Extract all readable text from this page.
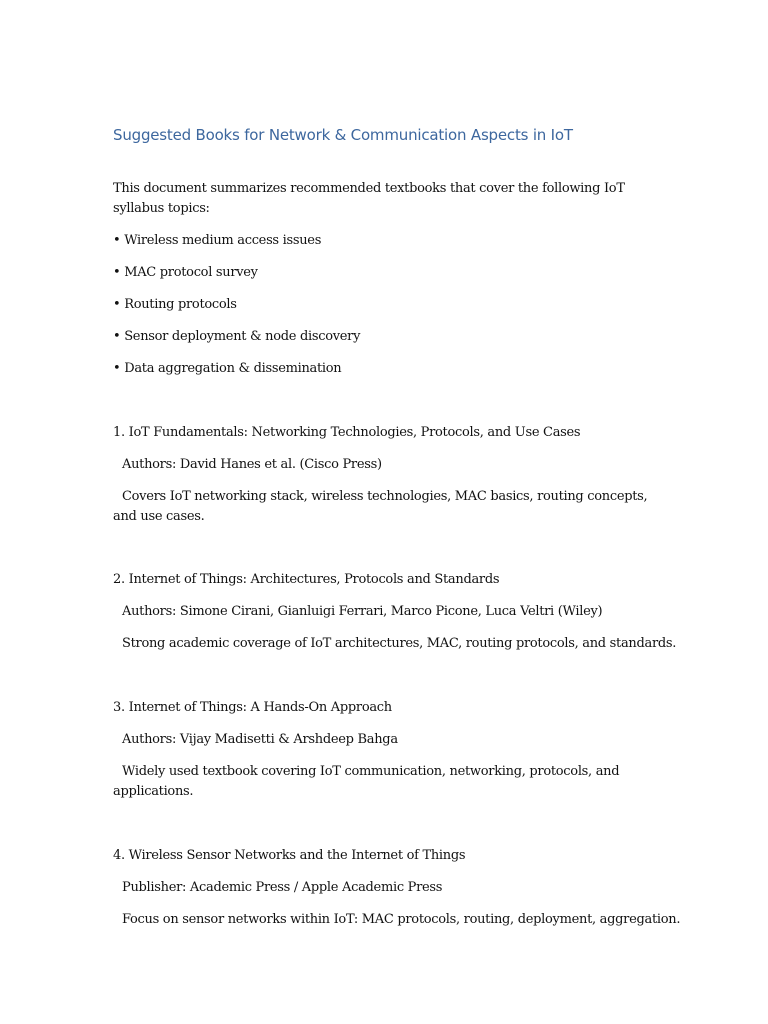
Suggested Books for Network & Communication Aspects in IoT

This document summarizes recommended textbooks that cover the following IoT syllabus topics:

• Wireless medium access issues

• MAC protocol survey

• Routing protocols

• Sensor deployment & node discovery

• Data aggregation & dissemination

1. IoT Fundamentals: Networking Technologies, Protocols, and Use Cases

Authors: David Hanes et al. (Cisco Press)

Covers IoT networking stack, wireless technologies, MAC basics, routing concepts, and use cases.

2. Internet of Things: Architectures, Protocols and Standards

Authors: Simone Cirani, Gianluigi Ferrari, Marco Picone, Luca Veltri (Wiley)

Strong academic coverage of IoT architectures, MAC, routing protocols, and standards.

3. Internet of Things: A Hands-On Approach

Authors: Vijay Madisetti & Arshdeep Bahga

Widely used textbook covering IoT communication, networking, protocols, and applications.

4. Wireless Sensor Networks and the Internet of Things

Publisher: Academic Press / Apple Academic Press

Focus on sensor networks within IoT: MAC protocols, routing, deployment, aggregation.
